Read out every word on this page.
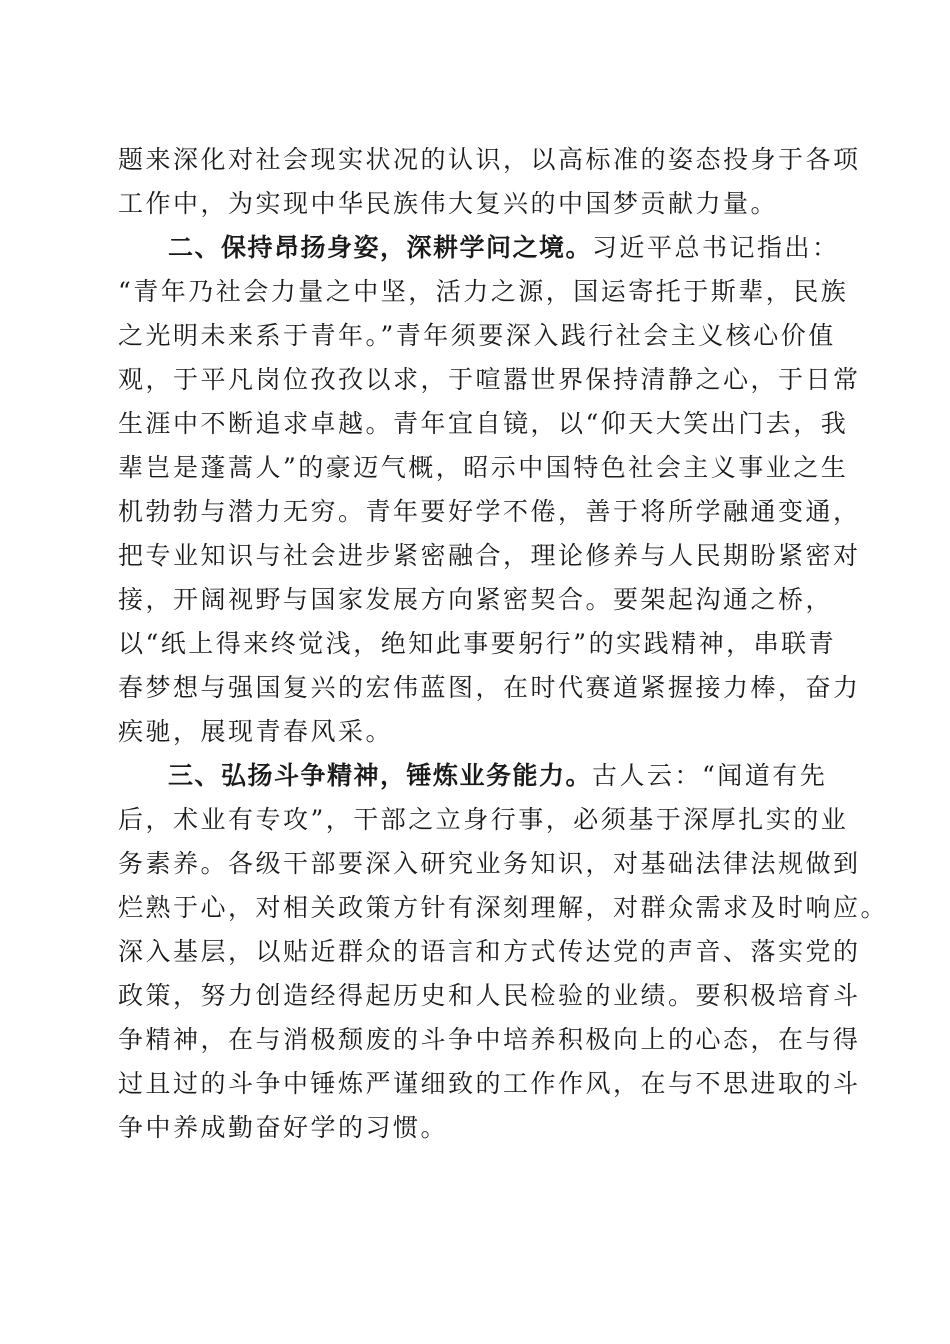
题来深化对社会现实状况的认识，以高标准的姿态投身于各项
工作中，为实现中华民族伟大复兴的中国梦贡献力量。
二、保持昂扬身姿，深耕学问之境。习近平总书记指出：
“青年乃社会力量之中坚，活力之源，国运寄托于斯辈，民族
之光明未来系于青年。”青年须要深入践行社会主义核心价值
观，于平凡岗位孜孜以求，于喧嚣世界保持清静之心，于日常
生涯中不断追求卓越。青年宜自镜，以“仰天大笑出门去，我
辈岂是蓬蒿人”的豪迈气概，昭示中国特色社会主义事业之生
机勃勃与潜力无穷。青年要好学不倦，善于将所学融通变通，
把专业知识与社会进步紧密融合，理论修养与人民期盼紧密对
接，开阔视野与国家发展方向紧密契合。要架起沟通之桥，
以“纸上得来终觉浅，绝知此事要躬行”的实践精神，串联青
春梦想与强国复兴的宏伟蓝图，在时代赛道紧握接力棒，奋力
疾驰，展现青春风采。
三、弘扬斗争精神，锤炼业务能力。古人云：“闻道有先
后，术业有专攻”，干部之立身行事，必须基于深厚扎实的业
务素养。各级干部要深入研究业务知识，对基础法律法规做到
烂熟于心，对相关政策方针有深刻理解，对群众需求及时响应。
深入基层，以贴近群众的语言和方式传达党的声音、落实党的
政策，努力创造经得起历史和人民检验的业绩。要积极培育斗
争精神，在与消极颓废的斗争中培养积极向上的心态，在与得
过且过的斗争中锤炼严谨细致的工作作风，在与不思进取的斗
争中养成勤奋好学的习惯。
